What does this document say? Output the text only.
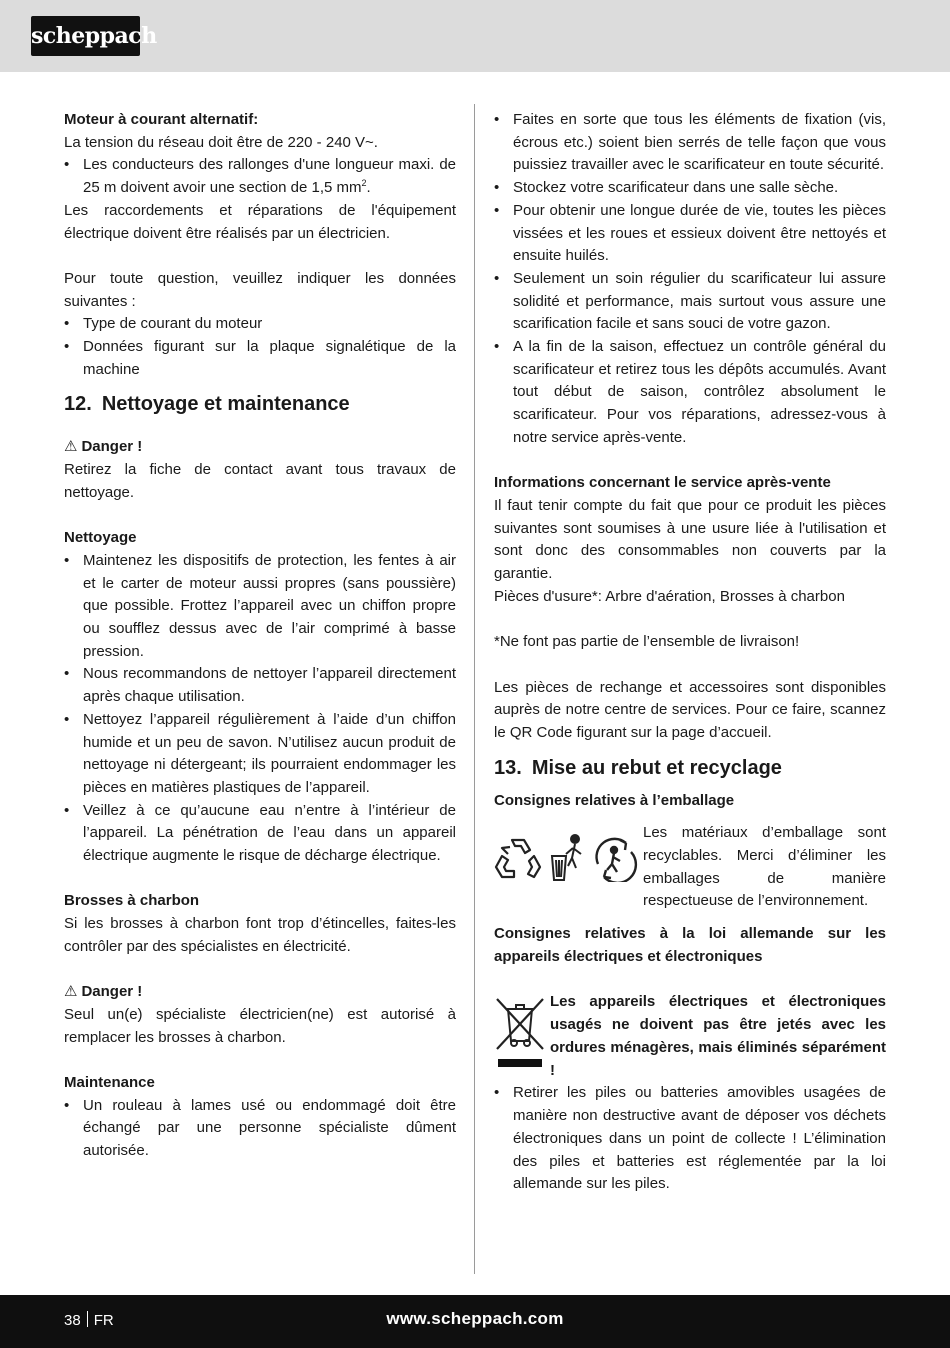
scheppach

Moteur à courant alternatif:

La tension du réseau doit être de 220 - 240 V~.

• Les conducteurs des rallonges d'une longueur maxi. de 25 m doivent avoir une section de 1,5 $mm^2$.

Les raccordements et réparations de l'équipement électrique doivent être réalisés par un électricien.

Pour toute question, veuillez indiquer les données suivantes :

• Type de courant du moteur
• Données figurant sur la plaque signalétique de la machine
12. Nettoyage et maintenance

⚠ Danger !

Retirez la fiche de contact avant tous travaux de nettoyage.

Nettoyage

• Maintenez les dispositifs de protection, les fentes à air et le carter de moteur aussi propres (sans poussière) que possible. Frottez l’appareil avec un chiffon propre ou soufflez dessus avec de l’air comprimé à basse pression.
• Nous recommandons de nettoyer l’appareil directement après chaque utilisation.
• Nettoyez l’appareil régulièrement à l’aide d’un chiffon humide et un peu de savon. N’utilisez aucun produit de nettoyage ni détergeant; ils pourraient endommager les pièces en matières plastiques de l’appareil.
• Veillez à ce qu’aucune eau n’entre à l’intérieur de l’appareil. La pénétration de l’eau dans un appareil électrique augmente le risque de décharge électrique.

Brosses à charbon

Si les brosses à charbon font trop d’étincelles, faites-les contrôler par des spécialistes en électricité.

⚠ Danger !

Seul un(e) spécialiste électricien(ne) est autorisé à remplacer les brosses à charbon.

Maintenance

• Un rouleau à lames usé ou endommagé doit être échangé par une personne spécialiste dûment autorisée.
• Faites en sorte que tous les éléments de fixation (vis, écrous etc.) soient bien serrés de telle façon que vous puissiez travailler avec le scarificateur en toute sécurité.
• Stockez votre scarificateur dans une salle sèche.
• Pour obtenir une longue durée de vie, toutes les pièces vissées et les roues et essieux doivent être nettoyés et ensuite huilés.
• Seulement un soin régulier du scarificateur lui assure solidité et performance, mais surtout vous assure une scarification facile et sans souci de votre gazon.
• A la fin de la saison, effectuez un contrôle général du scarificateur et retirez tous les dépôts accumulés. Avant tout début de saison, contrôlez absolument le scarificateur. Pour vos réparations, adressez-vous à notre service après-vente.

Informations concernant le service après-vente

Il faut tenir compte du fait que pour ce produit les pièces suivantes sont soumises à une usure liée à l'utilisation et sont donc des consommables non couverts par la garantie.

Pièces d'usure*: Arbre d'aération, Brosses à charbon

*Ne font pas partie de l’ensemble de livraison!

Les pièces de rechange et accessoires sont disponibles auprès de notre centre de services. Pour ce faire, scannez le QR Code figurant sur la page d’accueil.

13. Mise au rebut et recyclage

Consignes relatives à l’emballage

Les matériaux d’emballage sont recyclables. Merci d’éliminer les emballages de manière respectueuse de l’environnement.

Consignes relatives à la loi allemande sur les appareils électriques et électroniques

Les appareils électriques et électroniques usagés ne doivent pas être jetés avec les ordures ménagères, mais éliminés séparément !

• Retirer les piles ou batteries amovibles usagées de manière non destructive avant de déposer vos déchets électroniques dans un point de collecte ! L’élimination des piles et batteries est réglementée par la loi allemande sur les piles.
38 FR	www.scheppach.com
